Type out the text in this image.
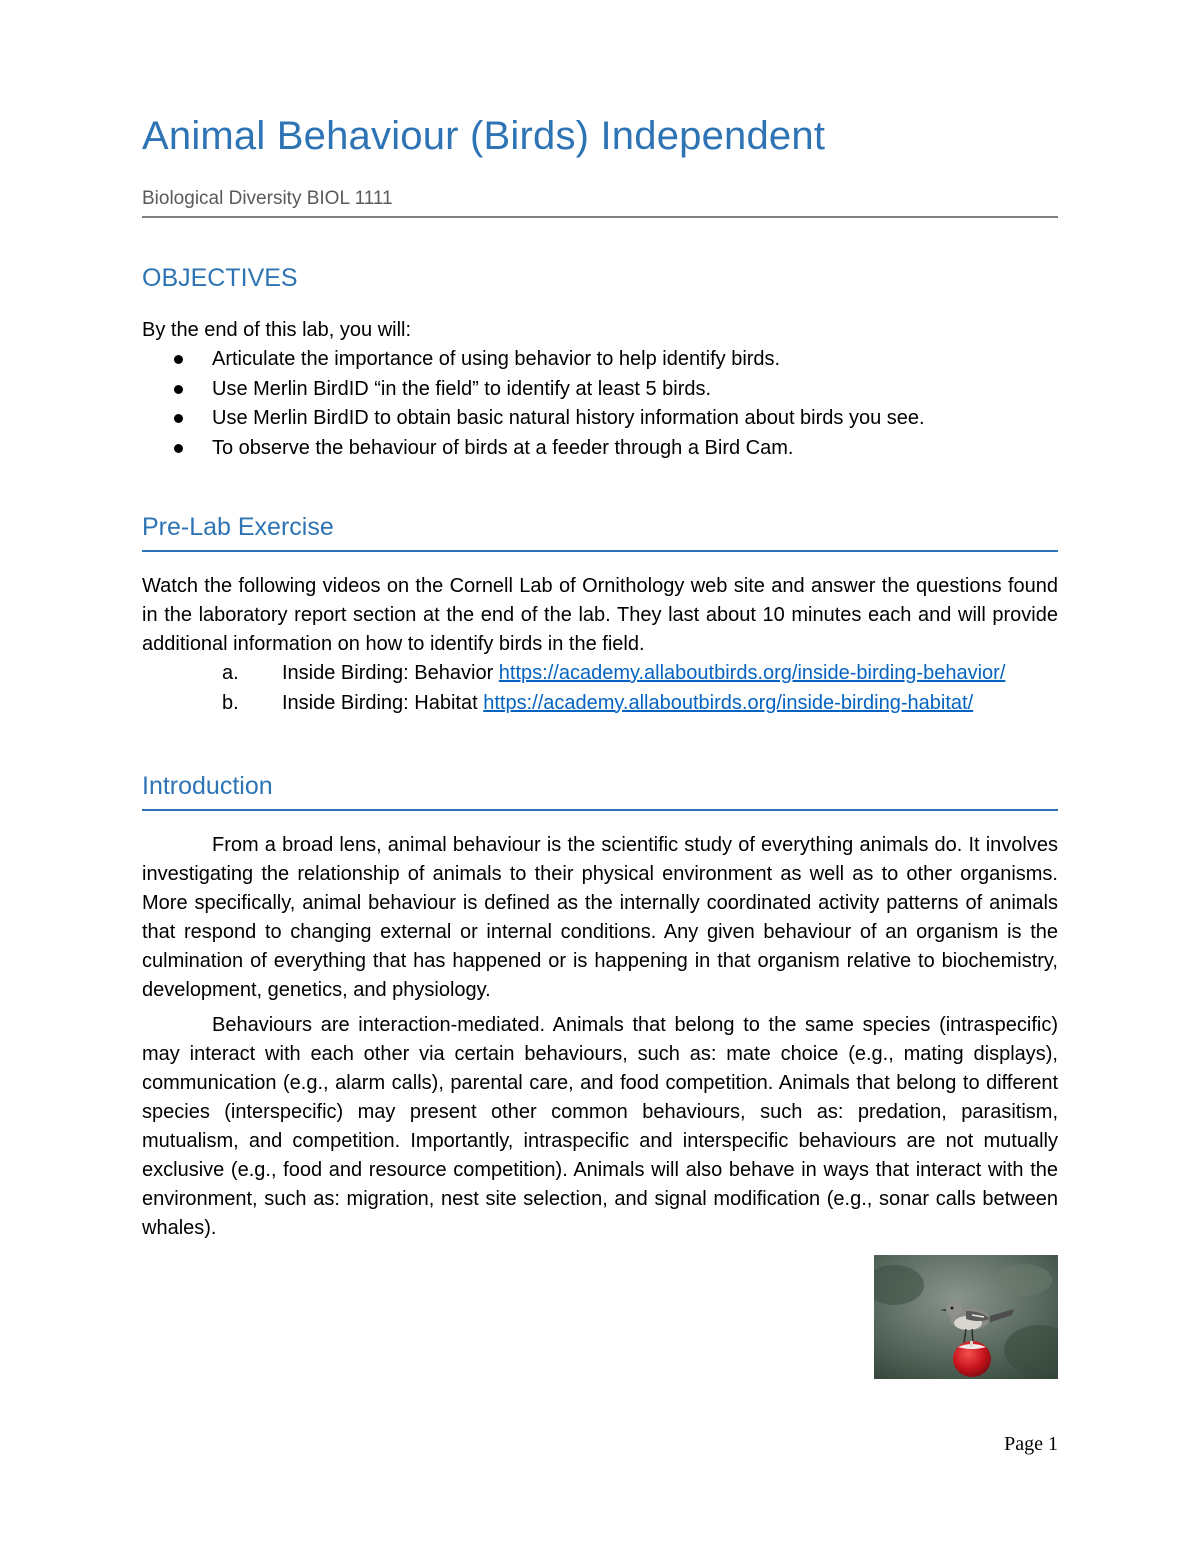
Animal Behaviour (Birds) Independent
Biological Diversity BIOL 1111
OBJECTIVES
By the end of this lab, you will:
Articulate the importance of using behavior to help identify birds.
Use Merlin BirdID “in the field” to identify at least 5 birds.
Use Merlin BirdID to obtain basic natural history information about birds you see.
To observe the behaviour of birds at a feeder through a Bird Cam.
Pre-Lab Exercise
Watch the following videos on the Cornell Lab of Ornithology web site and answer the questions found in the laboratory report section at the end of the lab. They last about 10 minutes each and will provide additional information on how to identify birds in the field.
a. Inside Birding: Behavior https://academy.allaboutbirds.org/inside-birding-behavior/
b. Inside Birding: Habitat https://academy.allaboutbirds.org/inside-birding-habitat/
Introduction

From a broad lens, animal behaviour is the scientific study of everything animals do. It involves investigating the relationship of animals to their physical environment as well as to other organisms. More specifically, animal behaviour is defined as the internally coordinated activity patterns of animals that respond to changing external or internal conditions. Any given behaviour of an organism is the culmination of everything that has happened or is happening in that organism relative to biochemistry, development, genetics, and physiology.

Behaviours are interaction-mediated. Animals that belong to the same species (intraspecific) may interact with each other via certain behaviours, such as: mate choice (e.g., mating displays), communication (e.g., alarm calls), parental care, and food competition. Animals that belong to different species (interspecific) may present other common behaviours, such as: predation, parasitism, mutualism, and competition. Importantly, intraspecific and interspecific behaviours are not mutually exclusive (e.g., food and resource competition). Animals will also behave in ways that interact with the environment, such as: migration, nest site selection, and signal modification (e.g., sonar calls between whales).

Page 1
